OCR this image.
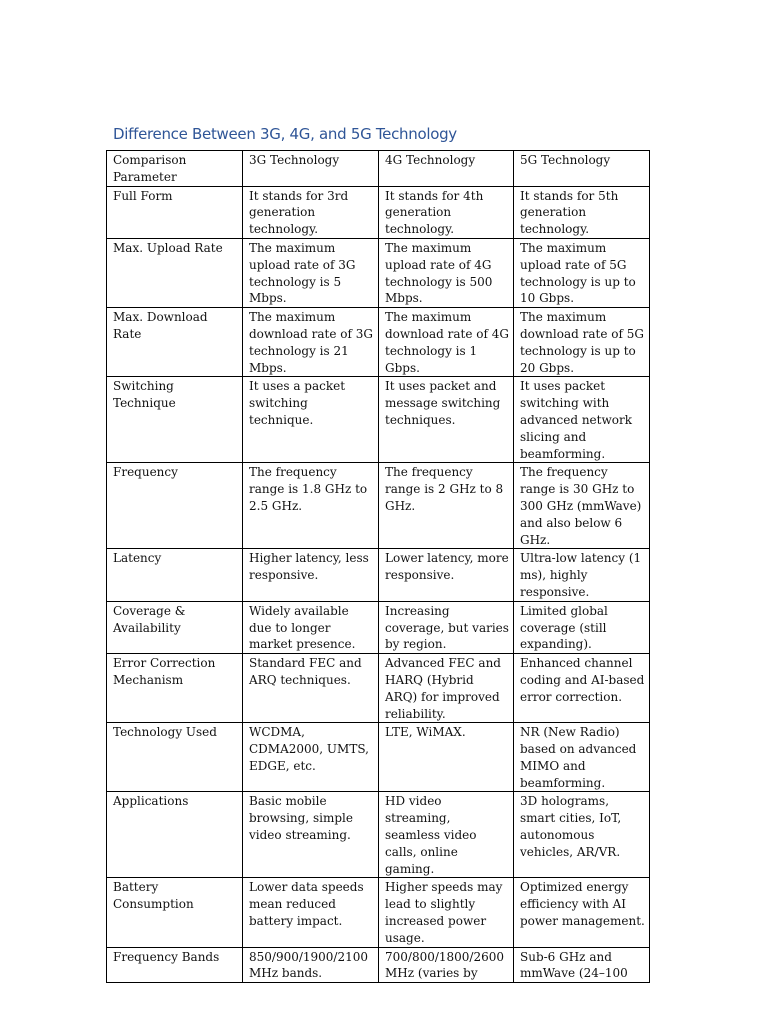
Difference Between 3G, 4G, and 5G Technology
Comparison Parameter	3G Technology	4G Technology	5G Technology
Full Form	It stands for 3rd generation technology.	It stands for 4th generation technology.	It stands for 5th generation technology.
Max. Upload Rate	The maximum upload rate of 3G technology is 5 Mbps.	The maximum upload rate of 4G technology is 500 Mbps.	The maximum upload rate of 5G technology is up to 10 Gbps.
Max. Download Rate	The maximum download rate of 3G technology is 21 Mbps.	The maximum download rate of 4G technology is 1 Gbps.	The maximum download rate of 5G technology is up to 20 Gbps.
Switching Technique	It uses a packet switching technique.	It uses packet and message switching techniques.	It uses packet switching with advanced network slicing and beamforming.
Frequency	The frequency range is 1.8 GHz to 2.5 GHz.	The frequency range is 2 GHz to 8 GHz.	The frequency range is 30 GHz to 300 GHz (mmWave) and also below 6 GHz.
Latency	Higher latency, less responsive.	Lower latency, more responsive.	Ultra-low latency (1 ms), highly responsive.
Coverage & Availability	Widely available due to longer market presence.	Increasing coverage, but varies by region.	Limited global coverage (still expanding).
Error Correction Mechanism	Standard FEC and ARQ techniques.	Advanced FEC and HARQ (Hybrid ARQ) for improved reliability.	Enhanced channel coding and AI-based error correction.
Technology Used	WCDMA, CDMA2000, UMTS, EDGE, etc.	LTE, WiMAX.	NR (New Radio) based on advanced MIMO and beamforming.
Applications	Basic mobile browsing, simple video streaming.	HD video streaming, seamless video calls, online gaming.	3D holograms, smart cities, IoT, autonomous vehicles, AR/VR.
Battery Consumption	Lower data speeds mean reduced battery impact.	Higher speeds may lead to slightly increased power usage.	Optimized energy efficiency with AI power management.
Frequency Bands	850/900/1900/2100 MHz bands.	700/800/1800/2600 MHz (varies by	Sub-6 GHz and mmWave (24–100
